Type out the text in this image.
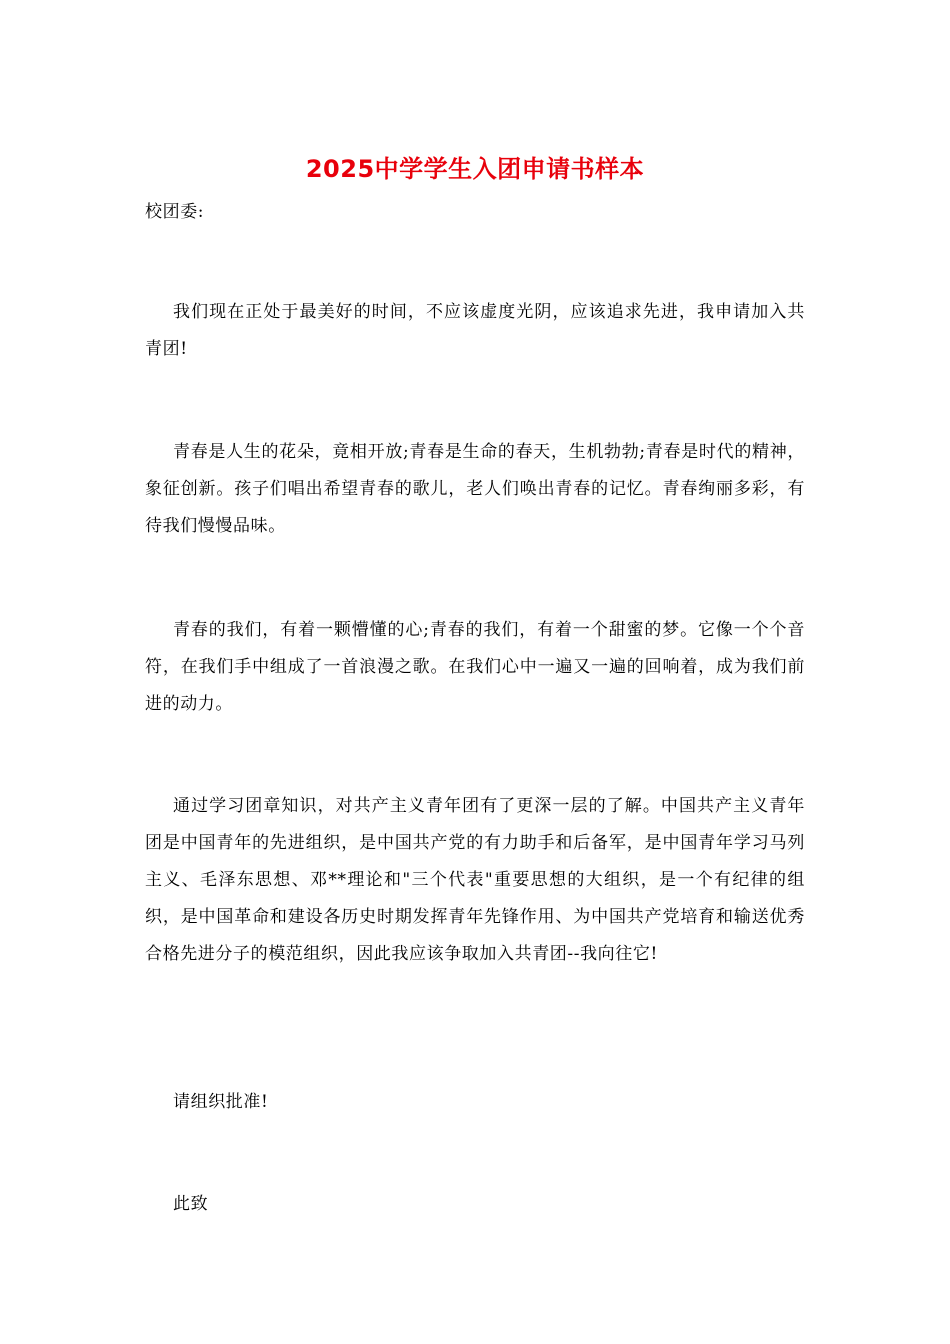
2025中学学生入团申请书样本

校团委:

我们现在正处于最美好的时间，不应该虚度光阴，应该追求先进，我申请加入共青团!

青春是人生的花朵，竟相开放;青春是生命的春天，生机勃勃;青春是时代的精神，象征创新。孩子们唱出希望青春的歌儿，老人们唤出青春的记忆。青春绚丽多彩，有待我们慢慢品味。

青春的我们，有着一颗懵懂的心;青春的我们，有着一个甜蜜的梦。它像一个个音符，在我们手中组成了一首浪漫之歌。在我们心中一遍又一遍的回响着，成为我们前进的动力。

通过学习团章知识，对共产主义青年团有了更深一层的了解。中国共产主义青年团是中国青年的先进组织，是中国共产党的有力助手和后备军，是中国青年学习马列主义、毛泽东思想、邓**理论和"三个代表"重要思想的大组织，是一个有纪律的组织，是中国革命和建设各历史时期发挥青年先锋作用、为中国共产党培育和输送优秀合格先进分子的模范组织，因此我应该争取加入共青团--我向往它!

请组织批准!

此致
